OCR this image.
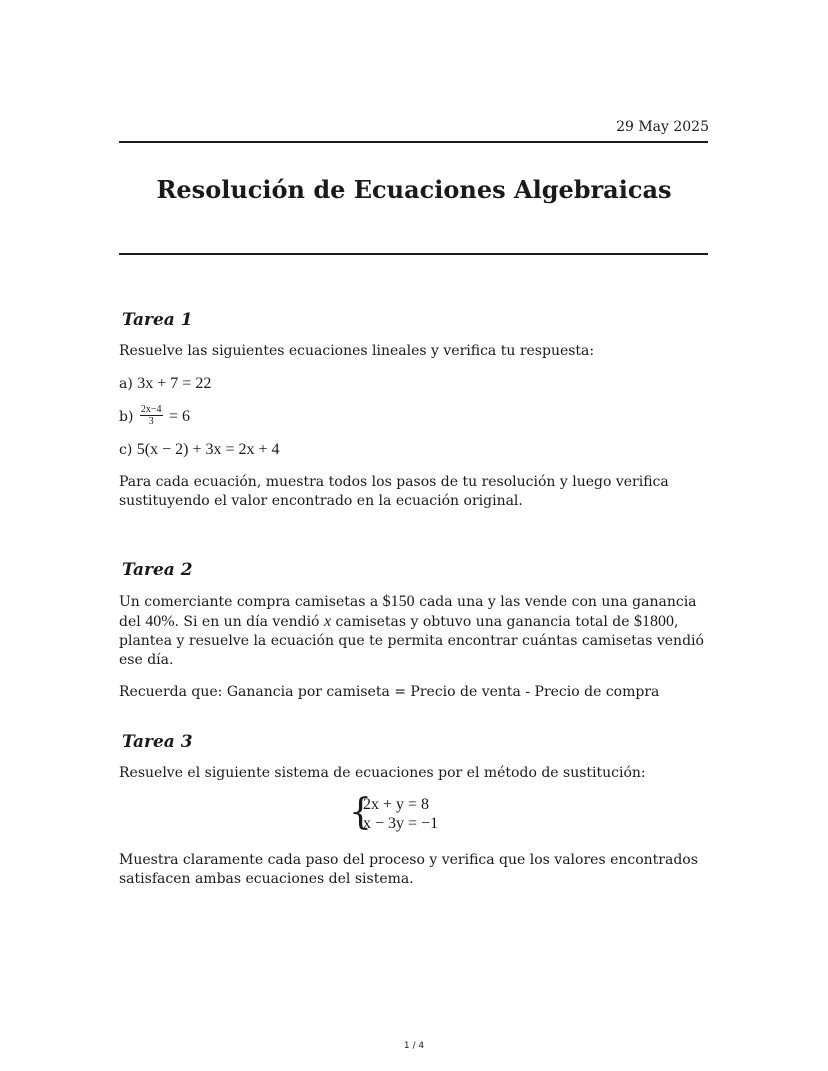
29 May 2025
Resolución de Ecuaciones Algebraicas
Tarea 1

Resuelve las siguientes ecuaciones lineales y verifica tu respuesta:

a) 3x + 7 = 22

$b) \frac{2x-4}{3} = 6$

c) 5(x − 2) + 3x = 2x + 4

Para cada ecuación, muestra todos los pasos de tu resolución y luego verifica sustituyendo el valor encontrado en la ecuación original.

Tarea 2

Un comerciante compra camisetas a $150 cada una y las vende con una ganancia del 40%. Si en un día vendió x camisetas y obtuvo una ganancia total de $1800, plantea y resuelve la ecuación que te permita encontrar cuántas camisetas vendió ese día.

Recuerda que: Ganancia por camiseta = Precio de venta - Precio de compra

Tarea 3

Resuelve el siguiente sistema de ecuaciones por el método de sustitución:

{
2x + y = 8
x − 3y = −1

Muestra claramente cada paso del proceso y verifica que los valores encontrados satisfacen ambas ecuaciones del sistema.

1 / 4
